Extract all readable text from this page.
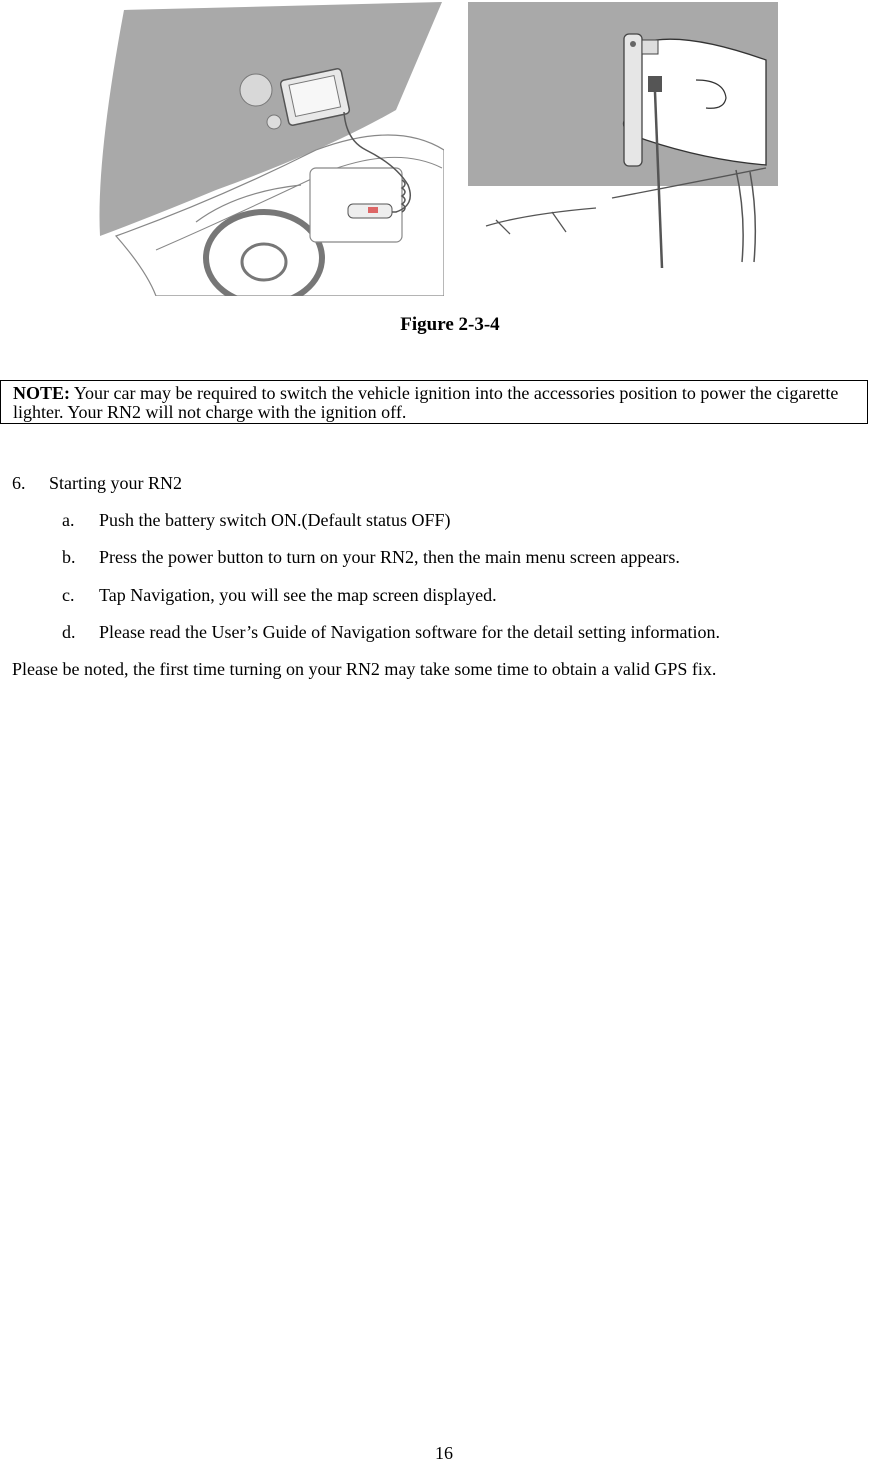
Figure 2-3-4
NOTE: Your car may be required to switch the vehicle ignition into the accessories position to power the cigarette lighter. Your RN2 will not charge with the ignition off.
6. Starting your RN2
a. Push the battery switch ON.(Default status OFF)
b. Press the power button to turn on your RN2, then the main menu screen appears.
c. Tap Navigation, you will see the map screen displayed.
d. Please read the User’s Guide of Navigation software for the detail setting information.
Please be noted, the first time turning on your RN2 may take some time to obtain a valid GPS fix.
16
